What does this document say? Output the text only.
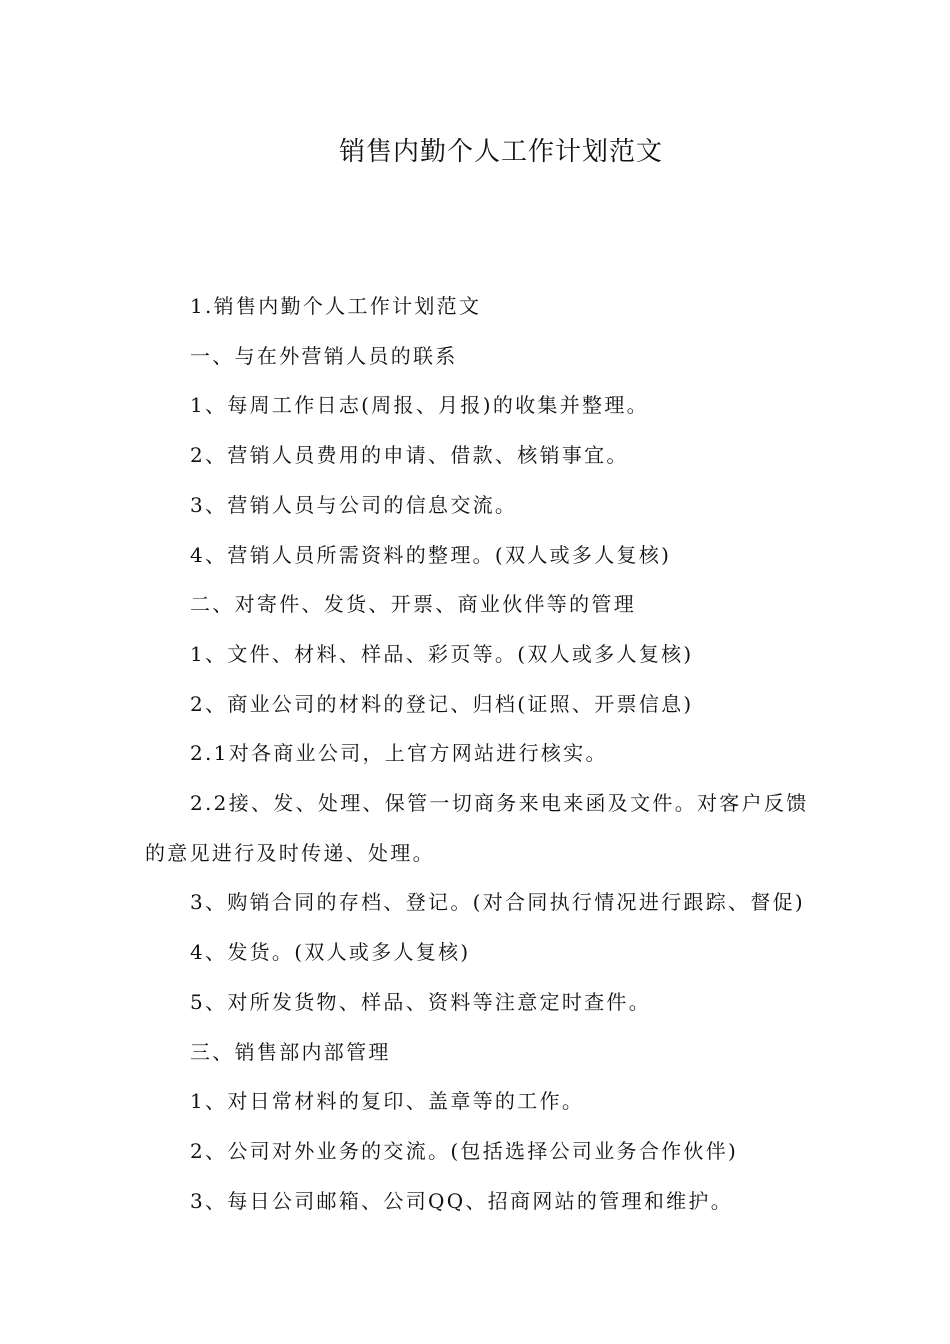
销售内勤个人工作计划范文
1.销售内勤个人工作计划范文
一、与在外营销人员的联系
1、每周工作日志(周报、月报)的收集并整理。
2、营销人员费用的申请、借款、核销事宜。
3、营销人员与公司的信息交流。
4、营销人员所需资料的整理。(双人或多人复核)
二、对寄件、发货、开票、商业伙伴等的管理
1、文件、材料、样品、彩页等。(双人或多人复核)
2、商业公司的材料的登记、归档(证照、开票信息)
2.1对各商业公司，上官方网站进行核实。
2.2接、发、处理、保管一切商务来电来函及文件。对客户反馈的意见进行及时传递、处理。
3、购销合同的存档、登记。(对合同执行情况进行跟踪、督促)
4、发货。(双人或多人复核)
5、对所发货物、样品、资料等注意定时查件。
三、销售部内部管理
1、对日常材料的复印、盖章等的工作。
2、公司对外业务的交流。(包括选择公司业务合作伙伴)
3、每日公司邮箱、公司QQ、招商网站的管理和维护。
